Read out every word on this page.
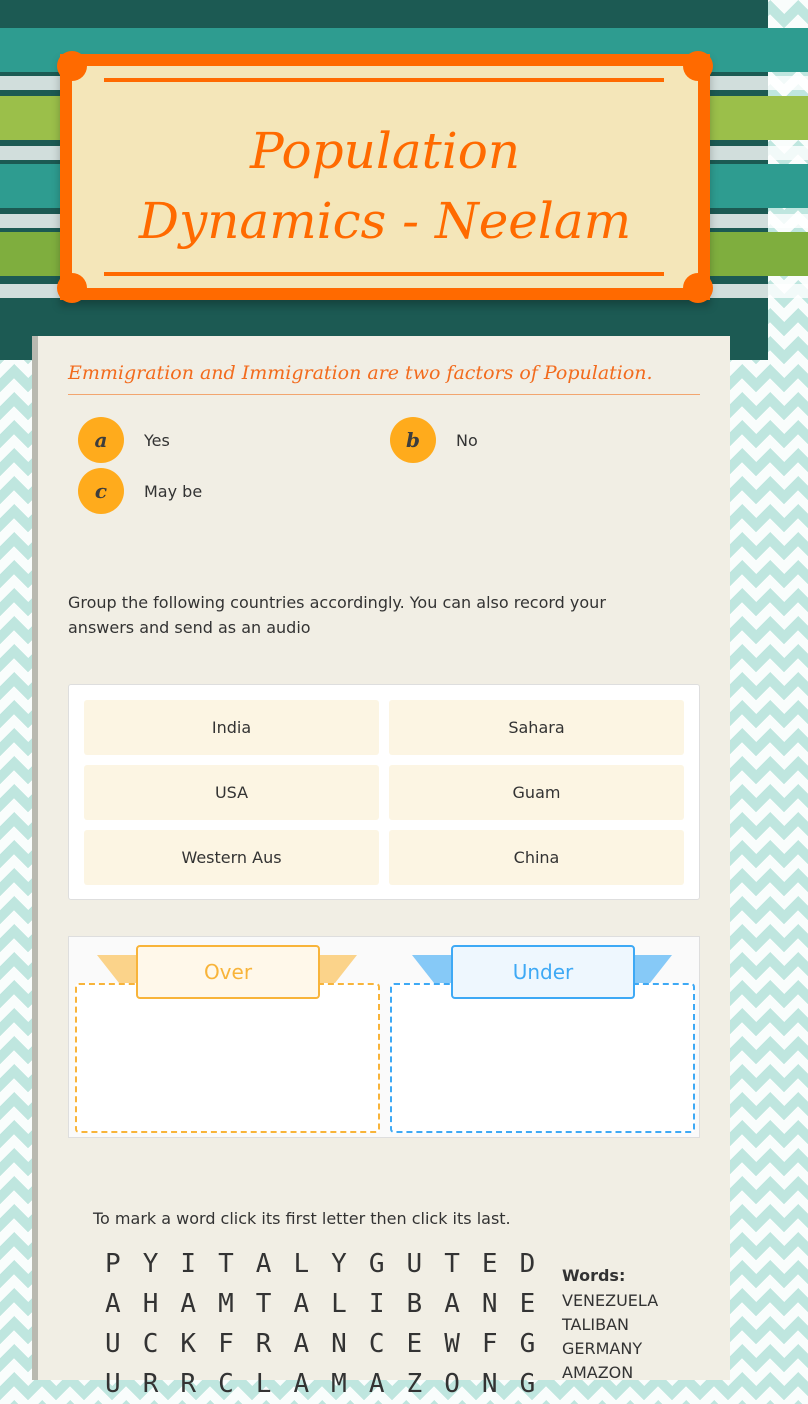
Population
Dynamics - Neelam
Emmigration and Immigration are two factors of Population.
a	Yes	b	No
c	May be
Group the following countries accordingly. You can also record your answers and send as an audio
India	Sahara
USA	Guam
Western Aus	China
Over	Under
To mark a word click its first letter then click its last.
P Y I T A L Y G U T E D
A H A M T A L I B A N E
U C K F R A N C E W F G
U R R C L A M A Z O N G
Words:
VENEZUELA
TALIBAN
GERMANY
AMAZON
